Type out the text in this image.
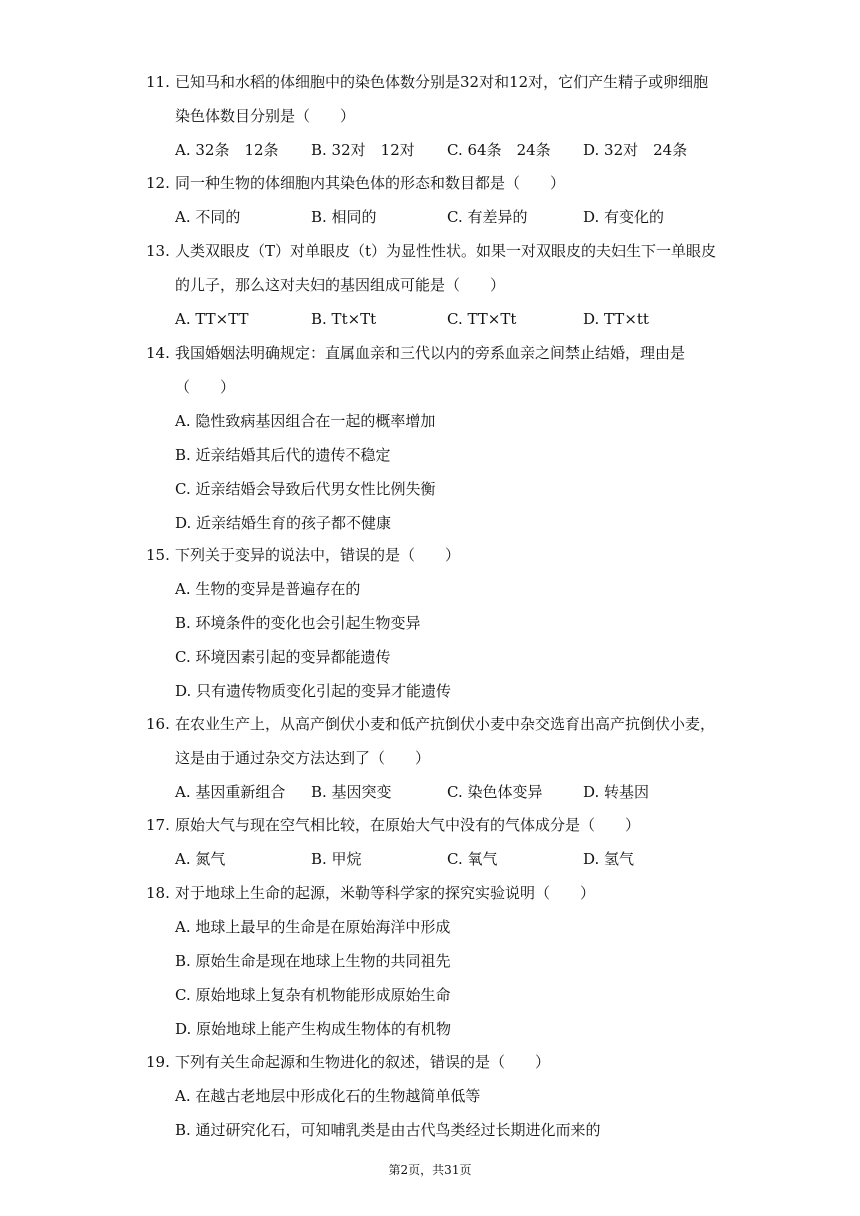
11. 已知马和水稻的体细胞中的染色体数分别是32对和12对，它们产生精子或卵细胞
染色体数目分别是（　　）
A. 32条　12条 B. 32对　12对 C. 64条　24条 D. 32对　24条
12. 同一种生物的体细胞内其染色体的形态和数目都是（　　）
A. 不同的	B. 相同的	C. 有差异的	D. 有变化的
13. 人类双眼皮（T）对单眼皮（t）为显性性状。如果一对双眼皮的夫妇生下一单眼皮
的儿子，那么这对夫妇的基因组成可能是（　　）
A. TT×TT	B. Tt×Tt	C. TT×Tt	D. TT×tt
14. 我国婚姻法明确规定：直属血亲和三代以内的旁系血亲之间禁止结婚，理由是
（　　）
A. 隐性致病基因组合在一起的概率增加
B. 近亲结婚其后代的遗传不稳定
C. 近亲结婚会导致后代男女性比例失衡
D. 近亲结婚生育的孩子都不健康
15. 下列关于变异的说法中，错误的是（　　）
A. 生物的变异是普遍存在的
B. 环境条件的变化也会引起生物变异
C. 环境因素引起的变异都能遗传
D. 只有遗传物质变化引起的变异才能遗传
16. 在农业生产上，从高产倒伏小麦和低产抗倒伏小麦中杂交选育出高产抗倒伏小麦，
这是由于通过杂交方法达到了（　　）
A. 基因重新组合 B. 基因突变	C. 染色体变异	D. 转基因
17. 原始大气与现在空气相比较，在原始大气中没有的气体成分是（　　）
A. 氮气	B. 甲烷	C. 氧气	D. 氢气
18. 对于地球上生命的起源，米勒等科学家的探究实验说明（　　）
A. 地球上最早的生命是在原始海洋中形成
B. 原始生命是现在地球上生物的共同祖先
C. 原始地球上复杂有机物能形成原始生命
D. 原始地球上能产生构成生物体的有机物
19. 下列有关生命起源和生物进化的叙述，错误的是（　　）
A. 在越古老地层中形成化石的生物越简单低等
B. 通过研究化石，可知哺乳类是由古代鸟类经过长期进化而来的
第2页，共31页
